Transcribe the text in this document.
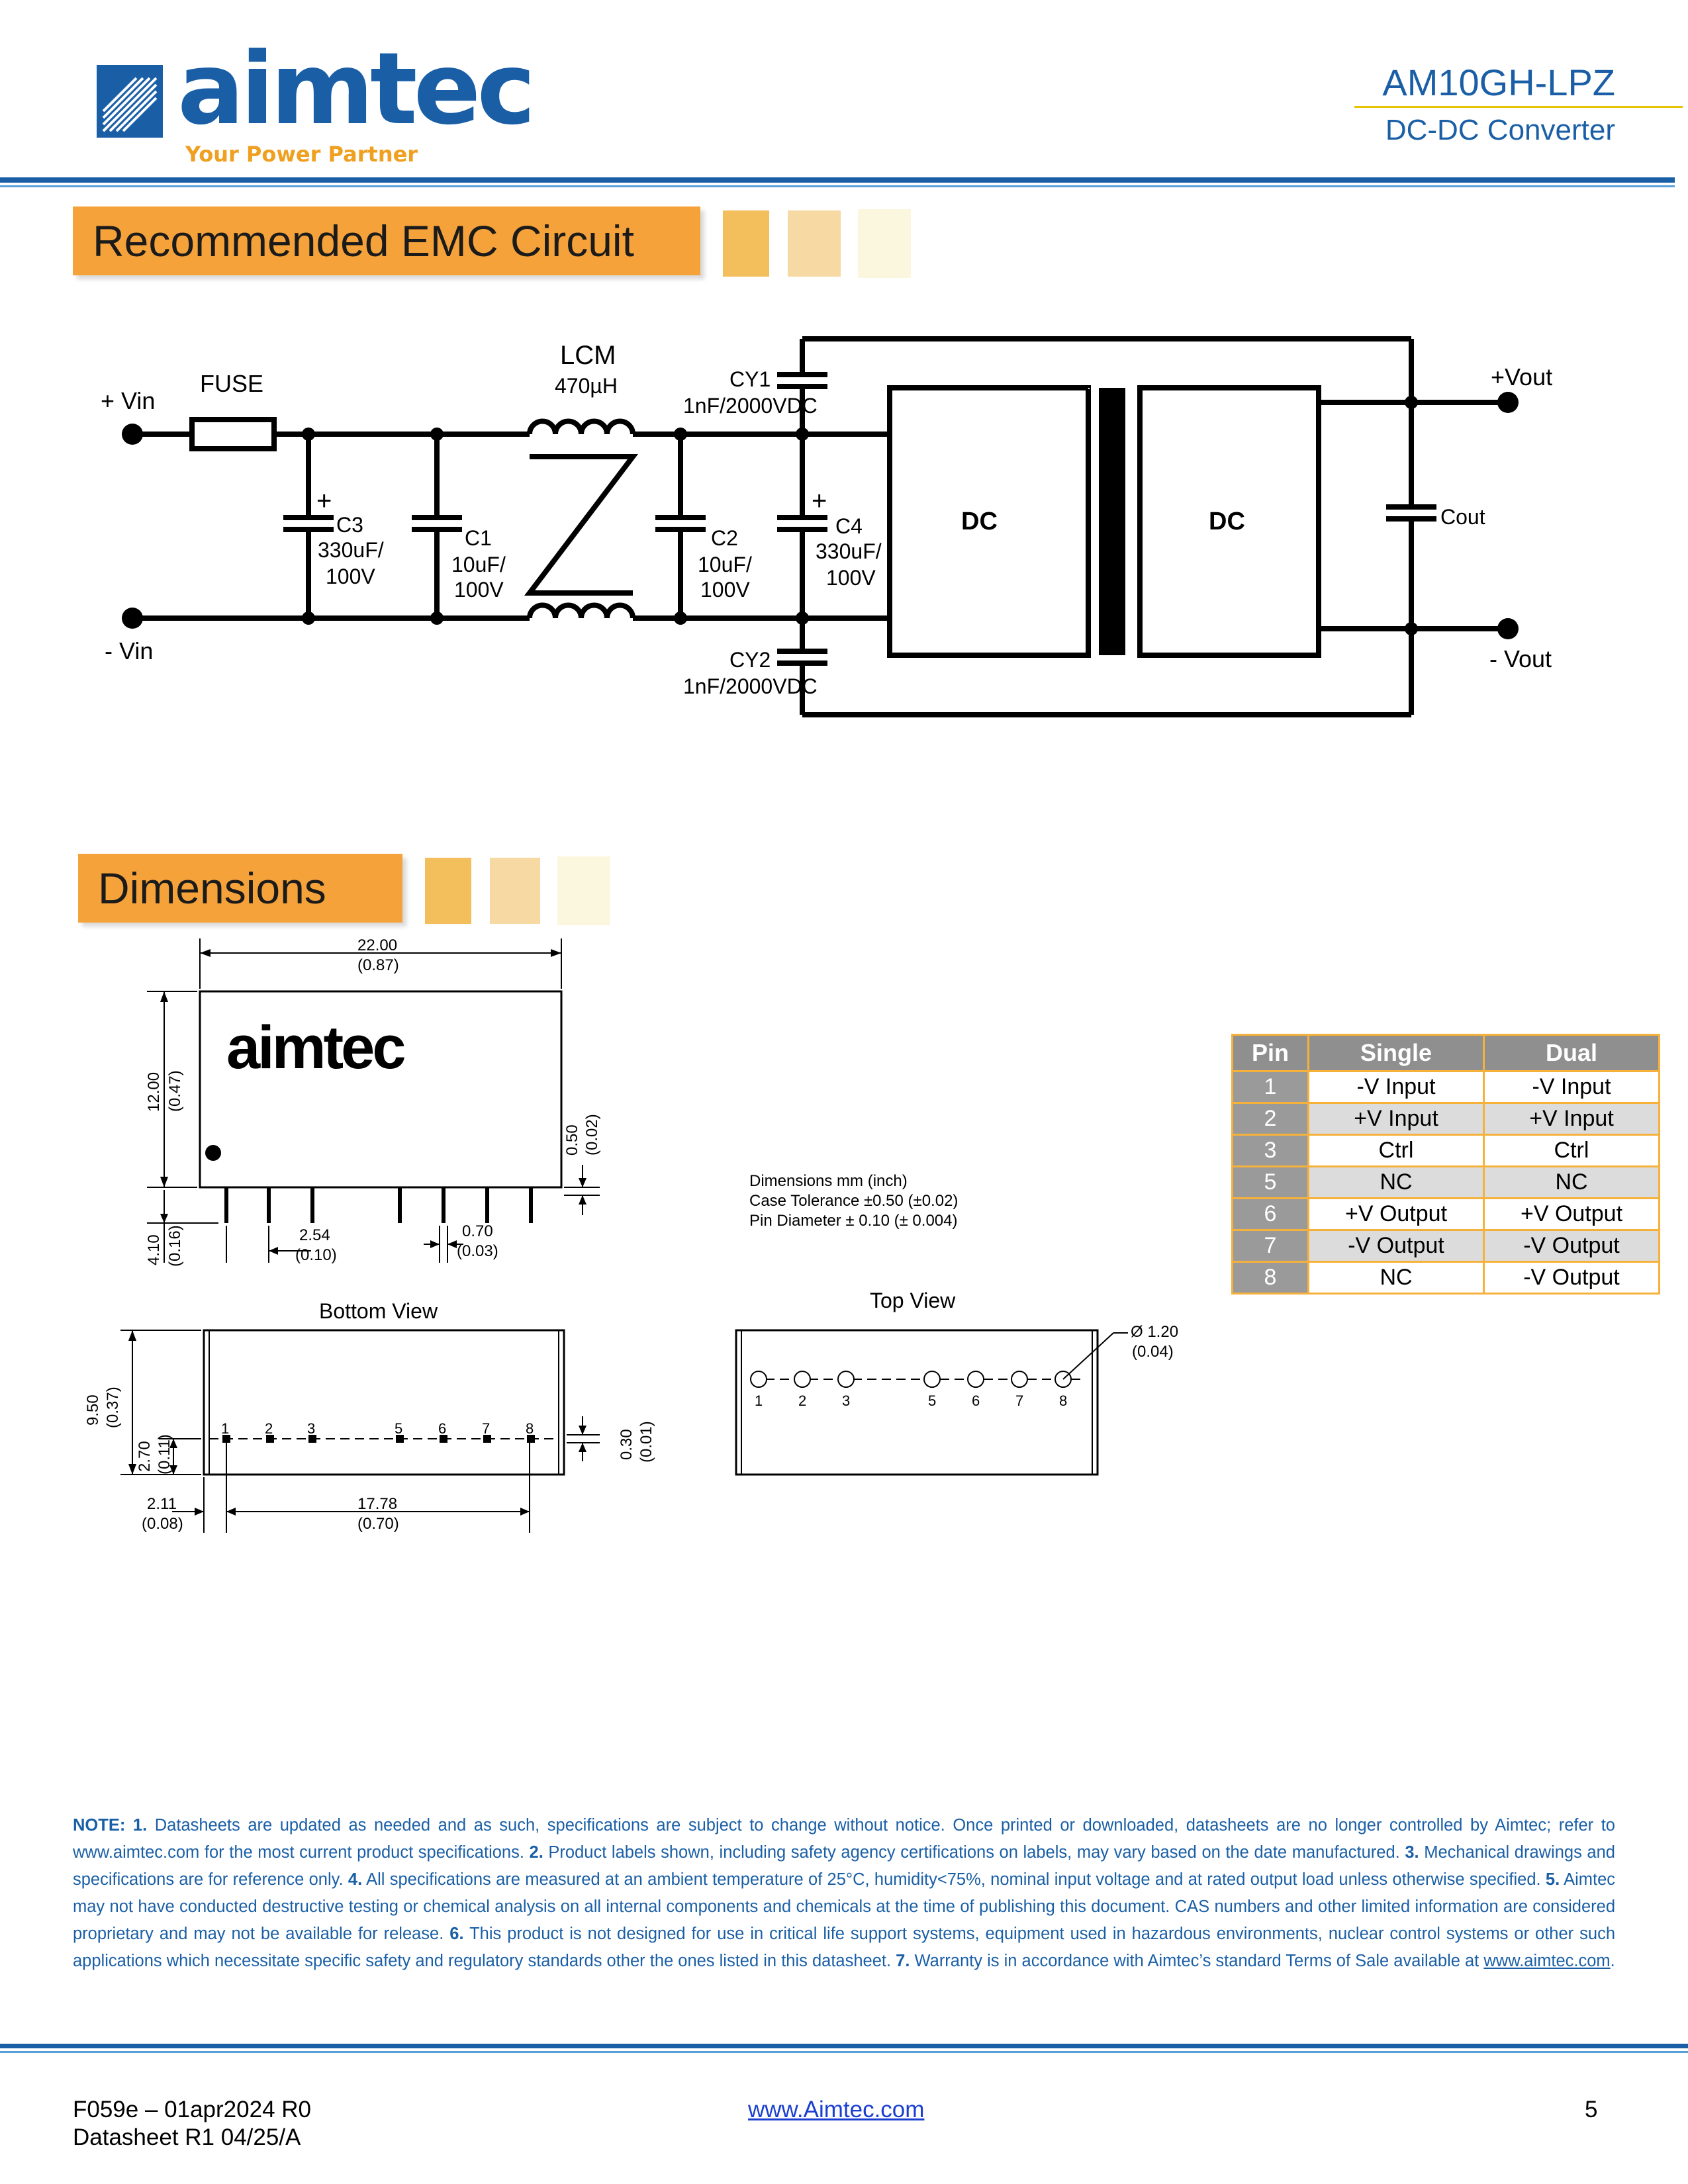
aimtec
Your Power Partner
AM10GH-LPZ
DC-DC Converter
Recommended EMC Circuit
+ Vin
- Vin
FUSE
LCM
470µH	CY1
1nF/2000VDC
CY2
1nF/2000VDC
+
C3
330uF/
100V
C1
10uF/
100V
C2
10uF/
100V
+
C4
330uF/
100V
DC	DC	Cout
+Vout
- Vout
Dimensions
22.00
(0.87)
12.00 (0.47)
0.50 (0.02)
4.10 (0.16)	2.54
(0.10)
0.70
(0.03)
aimtec
Dimensions mm (inch)
Case Tolerance ±0.50 (±0.02)
Pin Diameter ± 0.10 (± 0.004)
Bottom View	Top View
9.50 (0.37)
2.70 (0.11)	0.30 (0.01)
2.11
(0.08)
17.78
(0.70)
Ø 1.20
(0.04)
1 2 3	5 6 7 8
1 2 3	5 6 7 8
Pin	Single	Dual
1	-V Input	-V Input
2	+V Input	+V Input
3	Ctrl	Ctrl
5	NC	NC
6	+V Output	+V Output
7	-V Output	-V Output
8	NC	-V Output
NOTE: 1. Datasheets are updated as needed and as such, specifications are subject to change without notice. Once printed or downloaded, datasheets are no longer controlled by Aimtec; refer to www.aimtec.com for the most current product specifications. 2. Product labels shown, including safety agency certifications on labels, may vary based on the date manufactured. 3. Mechanical drawings and specifications are for reference only. 4. All specifications are measured at an ambient temperature of 25°C, humidity<75%, nominal input voltage and at rated output load unless otherwise specified. 5. Aimtec may not have conducted destructive testing or chemical analysis on all internal components and chemicals at the time of publishing this document. CAS numbers and other limited information are considered proprietary and may not be available for release. 6. This product is not designed for use in critical life support systems, equipment used in hazardous environments, nuclear control systems or other such applications which necessitate specific safety and regulatory standards other the ones listed in this datasheet. 7. Warranty is in accordance with Aimtec’s standard Terms of Sale available at www.aimtec.com.
F059e – 01apr2024 R0
Datasheet R1 04/25/A
www.Aimtec.com	5
